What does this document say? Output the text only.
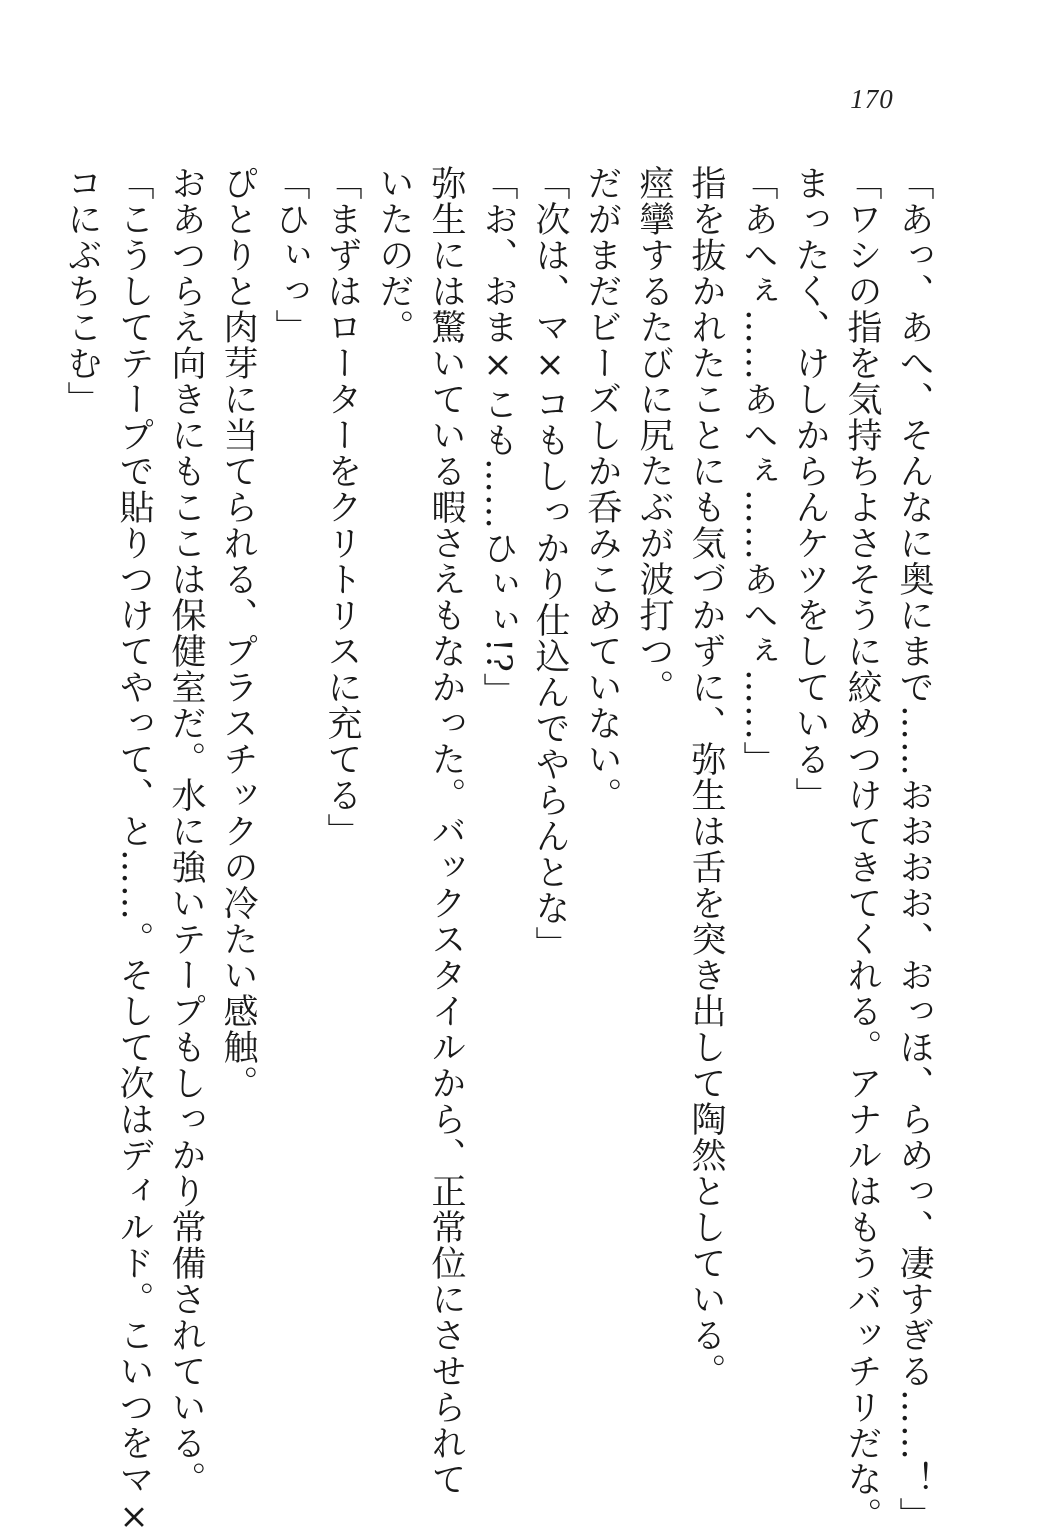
170

「あっ、あへ、そんなに奥にまで……おおおお、おっほ、らめっ、凄すぎる……！」

「ワシの指を気持ちよさそうに絞めつけてきてくれる。アナルはもうバッチリだな。

まったく、けしからんケツをしている」

「あへぇ……あへぇ……あへぇ……」

指を抜かれたことにも気づかずに、弥生は舌を突き出して陶然としている。

痙攣するたびに尻たぶが波打つ。

だがまだビーズしか呑みこめていない。

「次は、マ×コもしっかり仕込んでやらんとな」

「お、おま×こも……ひぃぃ!?」

弥生には驚いている暇さえもなかった。バックスタイルから、正常位にさせられて

いたのだ。

「まずはローターをクリトリスに充てる」

「ひぃっ」

ぴとりと肉芽に当てられる、プラスチックの冷たい感触。

おあつらえ向きにもここは保健室だ。水に強いテープもしっかり常備されている。

「こうしてテープで貼りつけてやって、と……。そして次はディルド。こいつをマ×

コにぶちこむ」
